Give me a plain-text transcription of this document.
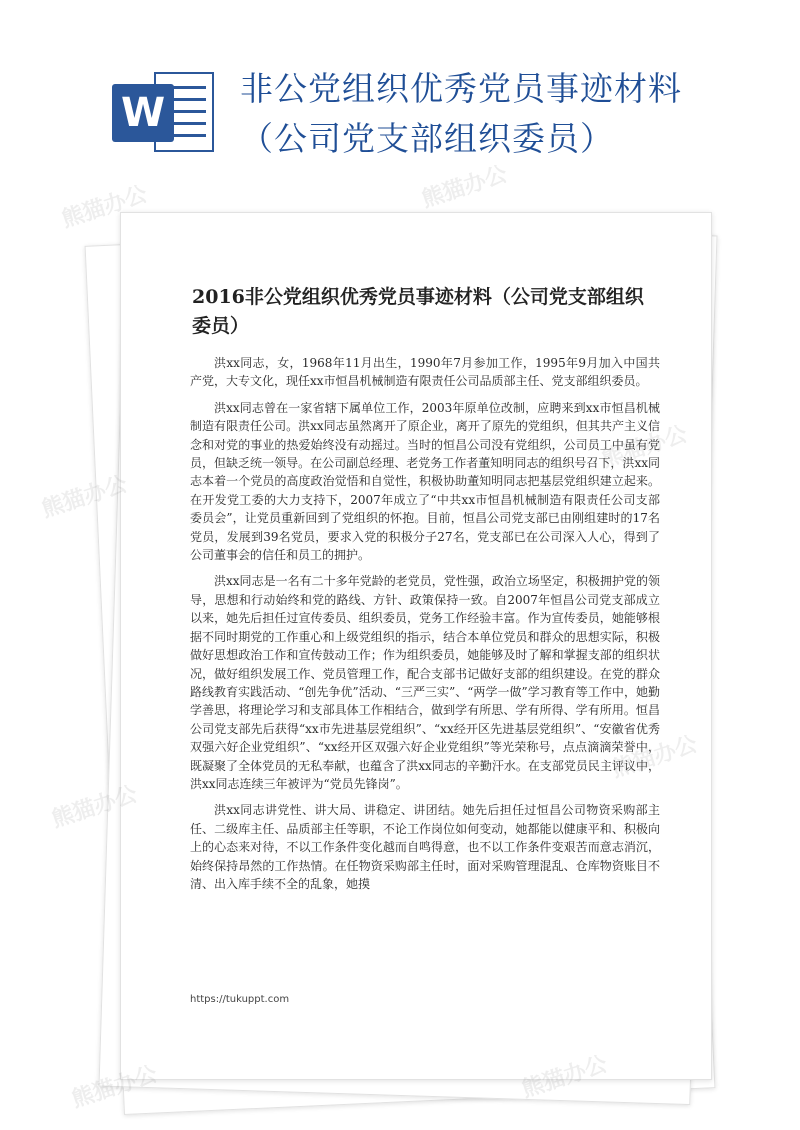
W
非公党组织优秀党员事迹材料（公司党支部组织委员）
2016非公党组织优秀党员事迹材料（公司党支部组织委员）

洪xx同志，女，1968年11月出生，1990年7月参加工作，1995年9月加入中国共产党，大专文化，现任xx市恒昌机械制造有限责任公司品质部主任、党支部组织委员。

洪xx同志曾在一家省辖下属单位工作，2003年原单位改制，应聘来到xx市恒昌机械制造有限责任公司。洪xx同志虽然离开了原企业，离开了原先的党组织，但其共产主义信念和对党的事业的热爱始终没有动摇过。当时的恒昌公司没有党组织，公司员工中虽有党员，但缺乏统一领导。在公司副总经理、老党务工作者董知明同志的组织号召下，洪xx同志本着一个党员的高度政治觉悟和自觉性，积极协助董知明同志把基层党组织建立起来。在开发党工委的大力支持下，2007年成立了“中共xx市恒昌机械制造有限责任公司支部委员会”，让党员重新回到了党组织的怀抱。目前，恒昌公司党支部已由刚组建时的17名党员，发展到39名党员，要求入党的积极分子27名，党支部已在公司深入人心，得到了公司董事会的信任和员工的拥护。

洪xx同志是一名有二十多年党龄的老党员，党性强，政治立场坚定，积极拥护党的领导，思想和行动始终和党的路线、方针、政策保持一致。自2007年恒昌公司党支部成立以来，她先后担任过宣传委员、组织委员，党务工作经验丰富。作为宣传委员，她能够根据不同时期党的工作重心和上级党组织的指示，结合本单位党员和群众的思想实际，积极做好思想政治工作和宣传鼓动工作；作为组织委员，她能够及时了解和掌握支部的组织状况，做好组织发展工作、党员管理工作，配合支部书记做好支部的组织建设。在党的群众路线教育实践活动、“创先争优”活动、“三严三实”、“两学一做”学习教育等工作中，她勤学善思，将理论学习和支部具体工作相结合，做到学有所思、学有所得、学有所用。恒昌公司党支部先后获得“xx市先进基层党组织”、“xx经开区先进基层党组织”、“安徽省优秀双强六好企业党组织”、“xx经开区双强六好企业党组织”等光荣称号，点点滴滴荣誉中，既凝聚了全体党员的无私奉献，也蕴含了洪xx同志的辛勤汗水。在支部党员民主评议中，洪xx同志连续三年被评为“党员先锋岗”。

洪xx同志讲党性、讲大局、讲稳定、讲团结。她先后担任过恒昌公司物资采购部主任、二级库主任、品质部主任等职，不论工作岗位如何变动，她都能以健康平和、积极向上的心态来对待，不以工作条件变化越而自鸣得意，也不以工作条件变艰苦而意志消沉，始终保持昂然的工作热情。在任物资采购部主任时，面对采购管理混乱、仓库物资账目不清、出入库手续不全的乱象，她摸

https://tukuppt.com

熊猫办公	熊猫办公
熊猫办公
熊猫办公
熊猫办公
